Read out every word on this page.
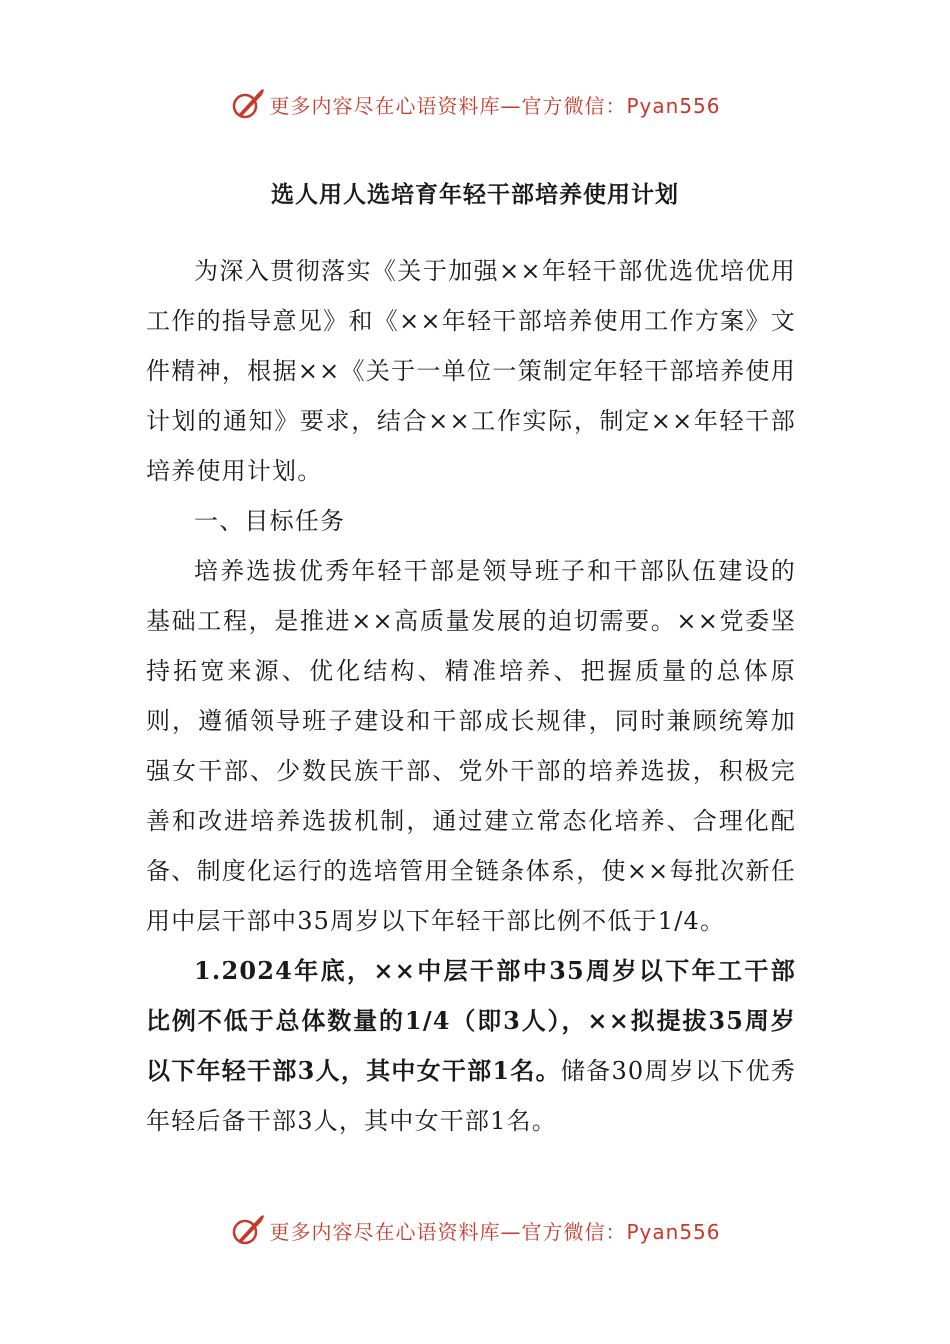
更多内容尽在心语资料库—官方微信：Pyan556
选人用人选培育年轻干部培养使用计划

为深入贯彻落实《关于加强××年轻干部优选优培优用工作的指导意见》和《××年轻干部培养使用工作方案》文件精神，根据××《关于一单位一策制定年轻干部培养使用计划的通知》要求，结合××工作实际，制定××年轻干部培养使用计划。

一、目标任务

培养选拔优秀年轻干部是领导班子和干部队伍建设的基础工程，是推进××高质量发展的迫切需要。××党委坚持拓宽来源、优化结构、精准培养、把握质量的总体原则，遵循领导班子建设和干部成长规律，同时兼顾统筹加强女干部、少数民族干部、党外干部的培养选拔，积极完善和改进培养选拔机制，通过建立常态化培养、合理化配备、制度化运行的选培管用全链条体系，使××每批次新任用中层干部中35周岁以下年轻干部比例不低于1/4。

1.2024年底，××中层干部中35周岁以下年工干部比例不低于总体数量的1/4（即3人），××拟提拔35周岁以下年轻干部3人，其中女干部1名。储备30周岁以下优秀年轻后备干部3人，其中女干部1名。

更多内容尽在心语资料库—官方微信：Pyan556
